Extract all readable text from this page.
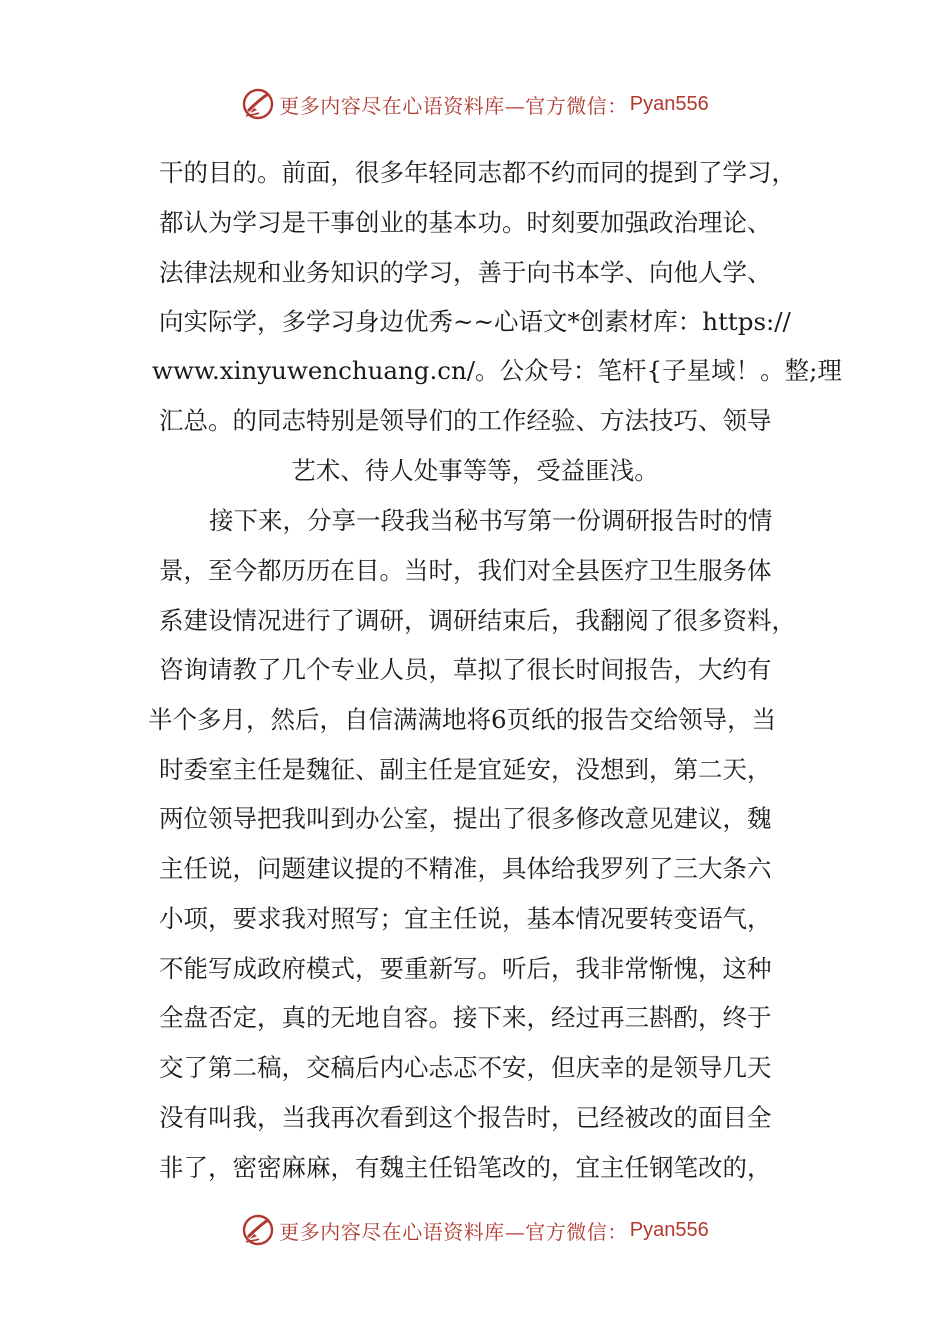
更多内容尽在心语资料库— 官方微信： Pyan556
干的目的。前面，很多年轻同志都不约而同的提到了学习，
都认为学习是干事创业的基本功。时刻要加强政治理论、
法律法规和业务知识的学习，善于向书本学、向他人学、
向实际学，多学习身边优秀~~心语文*创素材库：https://
www.xinyuwenchuang.cn/。公众号：笔杆{子星域！。整;理
汇总。的同志特别是领导们的工作经验、方法技巧、领导
艺术、待人处事等等，受益匪浅。
接下来，分享一段我当秘书写第一份调研报告时的情
景，至今都历历在目。当时，我们对全县医疗卫生服务体
系建设情况进行了调研，调研结束后，我翻阅了很多资料，
咨询请教了几个专业人员，草拟了很长时间报告，大约有
半个多月，然后，自信满满地将6页纸的报告交给领导，当
时委室主任是魏征、副主任是宜延安，没想到，第二天，
两位领导把我叫到办公室，提出了很多修改意见建议，魏
主任说，问题建议提的不精准，具体给我罗列了三大条六
小项，要求我对照写；宜主任说，基本情况要转变语气，
不能写成政府模式，要重新写。听后，我非常惭愧，这种
全盘否定，真的无地自容。接下来，经过再三斟酌，终于
交了第二稿，交稿后内心忐忑不安，但庆幸的是领导几天
没有叫我，当我再次看到这个报告时，已经被改的面目全
非了，密密麻麻，有魏主任铅笔改的，宜主任钢笔改的，
更多内容尽在心语资料库— 官方微信： Pyan556
